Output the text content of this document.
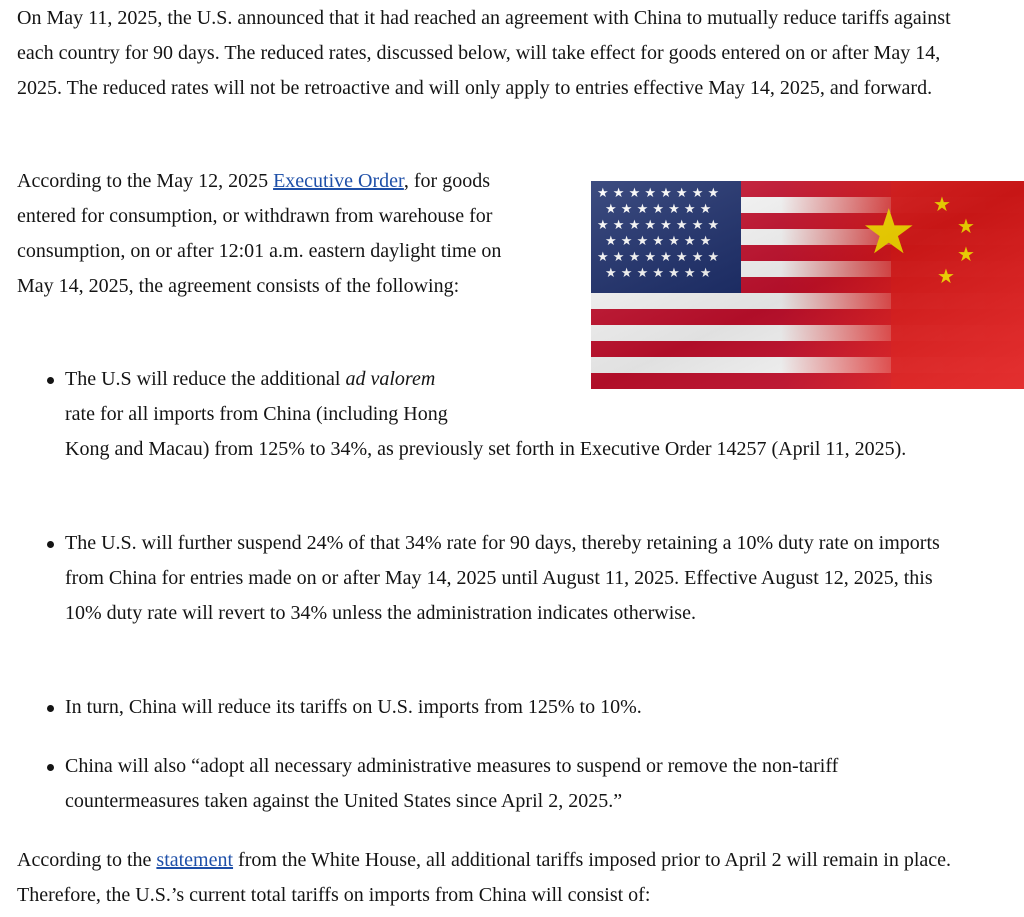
On May 11, 2025, the U.S. announced that it had reached an agreement with China to mutually reduce tariffs against each country for 90 days. The reduced rates, discussed below, will take effect for goods entered on or after May 14, 2025. The reduced rates will not be retroactive and will only apply to entries effective May 14, 2025, and forward.

According to the May 12, 2025 Executive Order, for goods entered for consumption, or withdrawn from warehouse for consumption, on or after 12:01 a.m. eastern daylight time on May 14, 2025, the agreement consists of the following:

The U.S will reduce the additional ad valorem
rate for all imports from China (including Hong
Kong and Macau) from 125% to 34%, as previously set forth in Executive Order 14257 (April 11, 2025).
The U.S. will further suspend 24% of that 34% rate for 90 days, thereby retaining a 10% duty rate on imports from China for entries made on or after May 14, 2025 until August 11, 2025. Effective August 12, 2025, this 10% duty rate will revert to 34% unless the administration indicates otherwise.
In turn, China will reduce its tariffs on U.S. imports from 125% to 10%.
China will also “adopt all necessary administrative measures to suspend or remove the non-tariff countermeasures taken against the United States since April 2, 2025.”

According to the statement from the White House, all additional tariffs imposed prior to April 2 will remain in place. Therefore, the U.S.’s current total tariffs on imports from China will consist of:
